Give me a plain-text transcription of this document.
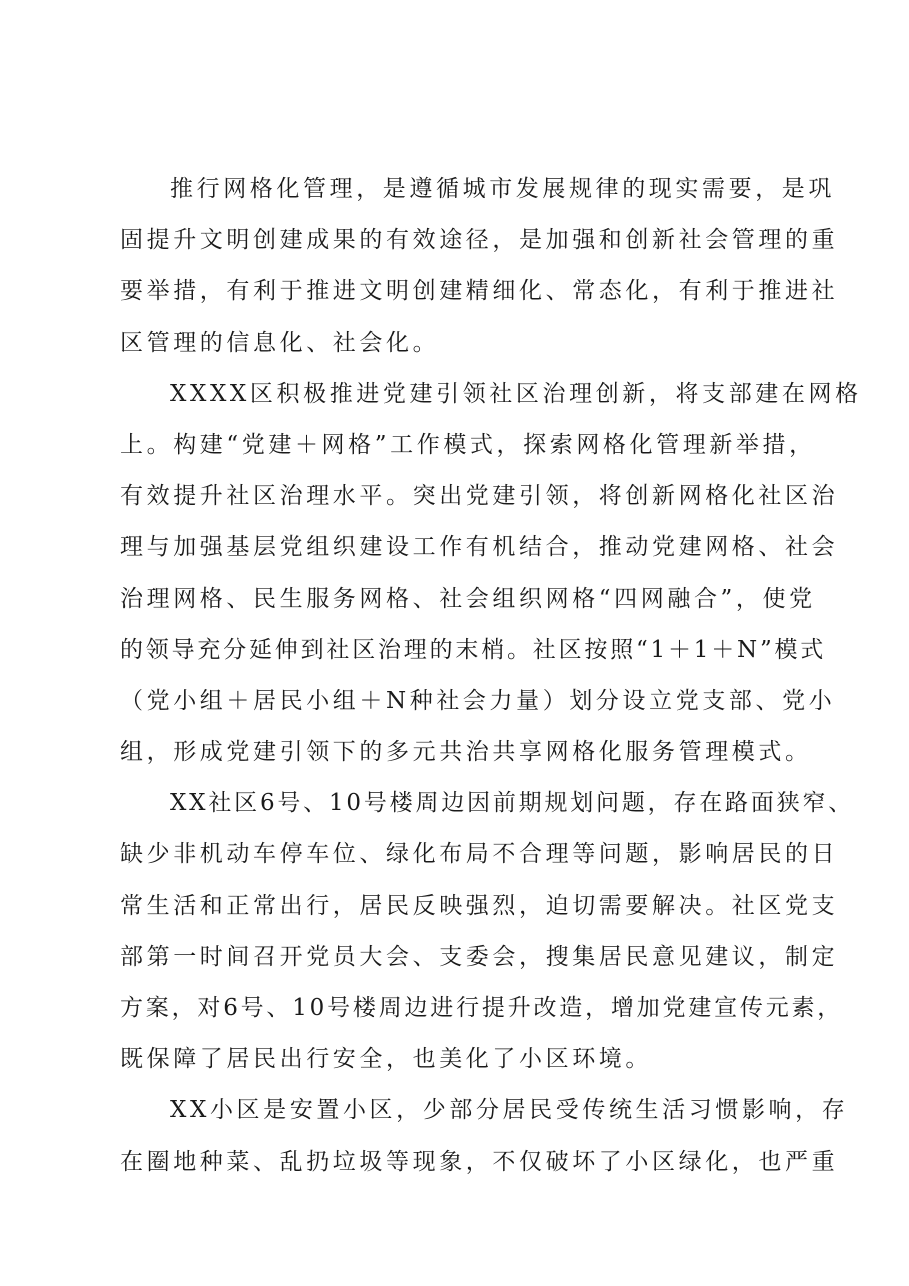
推行网格化管理，是遵循城市发展规律的现实需要，是巩
固提升文明创建成果的有效途径，是加强和创新社会管理的重
要举措，有利于推进文明创建精细化、常态化，有利于推进社
区管理的信息化、社会化。

XXXX区积极推进党建引领社区治理创新，将支部建在网格
上。构建“党建＋网格”工作模式，探索网格化管理新举措，
有效提升社区治理水平。突出党建引领，将创新网格化社区治
理与加强基层党组织建设工作有机结合，推动党建网格、社会
治理网格、民生服务网格、社会组织网格“四网融合”，使党
的领导充分延伸到社区治理的末梢。社区按照“1＋1＋N”模式
（党小组＋居民小组＋N种社会力量）划分设立党支部、党小
组，形成党建引领下的多元共治共享网格化服务管理模式。

XX社区6号、10号楼周边因前期规划问题，存在路面狭窄、
缺少非机动车停车位、绿化布局不合理等问题，影响居民的日
常生活和正常出行，居民反映强烈，迫切需要解决。社区党支
部第一时间召开党员大会、支委会，搜集居民意见建议，制定
方案，对6号、10号楼周边进行提升改造，增加党建宣传元素，
既保障了居民出行安全，也美化了小区环境。

XX小区是安置小区，少部分居民受传统生活习惯影响，存
在圈地种菜、乱扔垃圾等现象，不仅破坏了小区绿化，也严重
